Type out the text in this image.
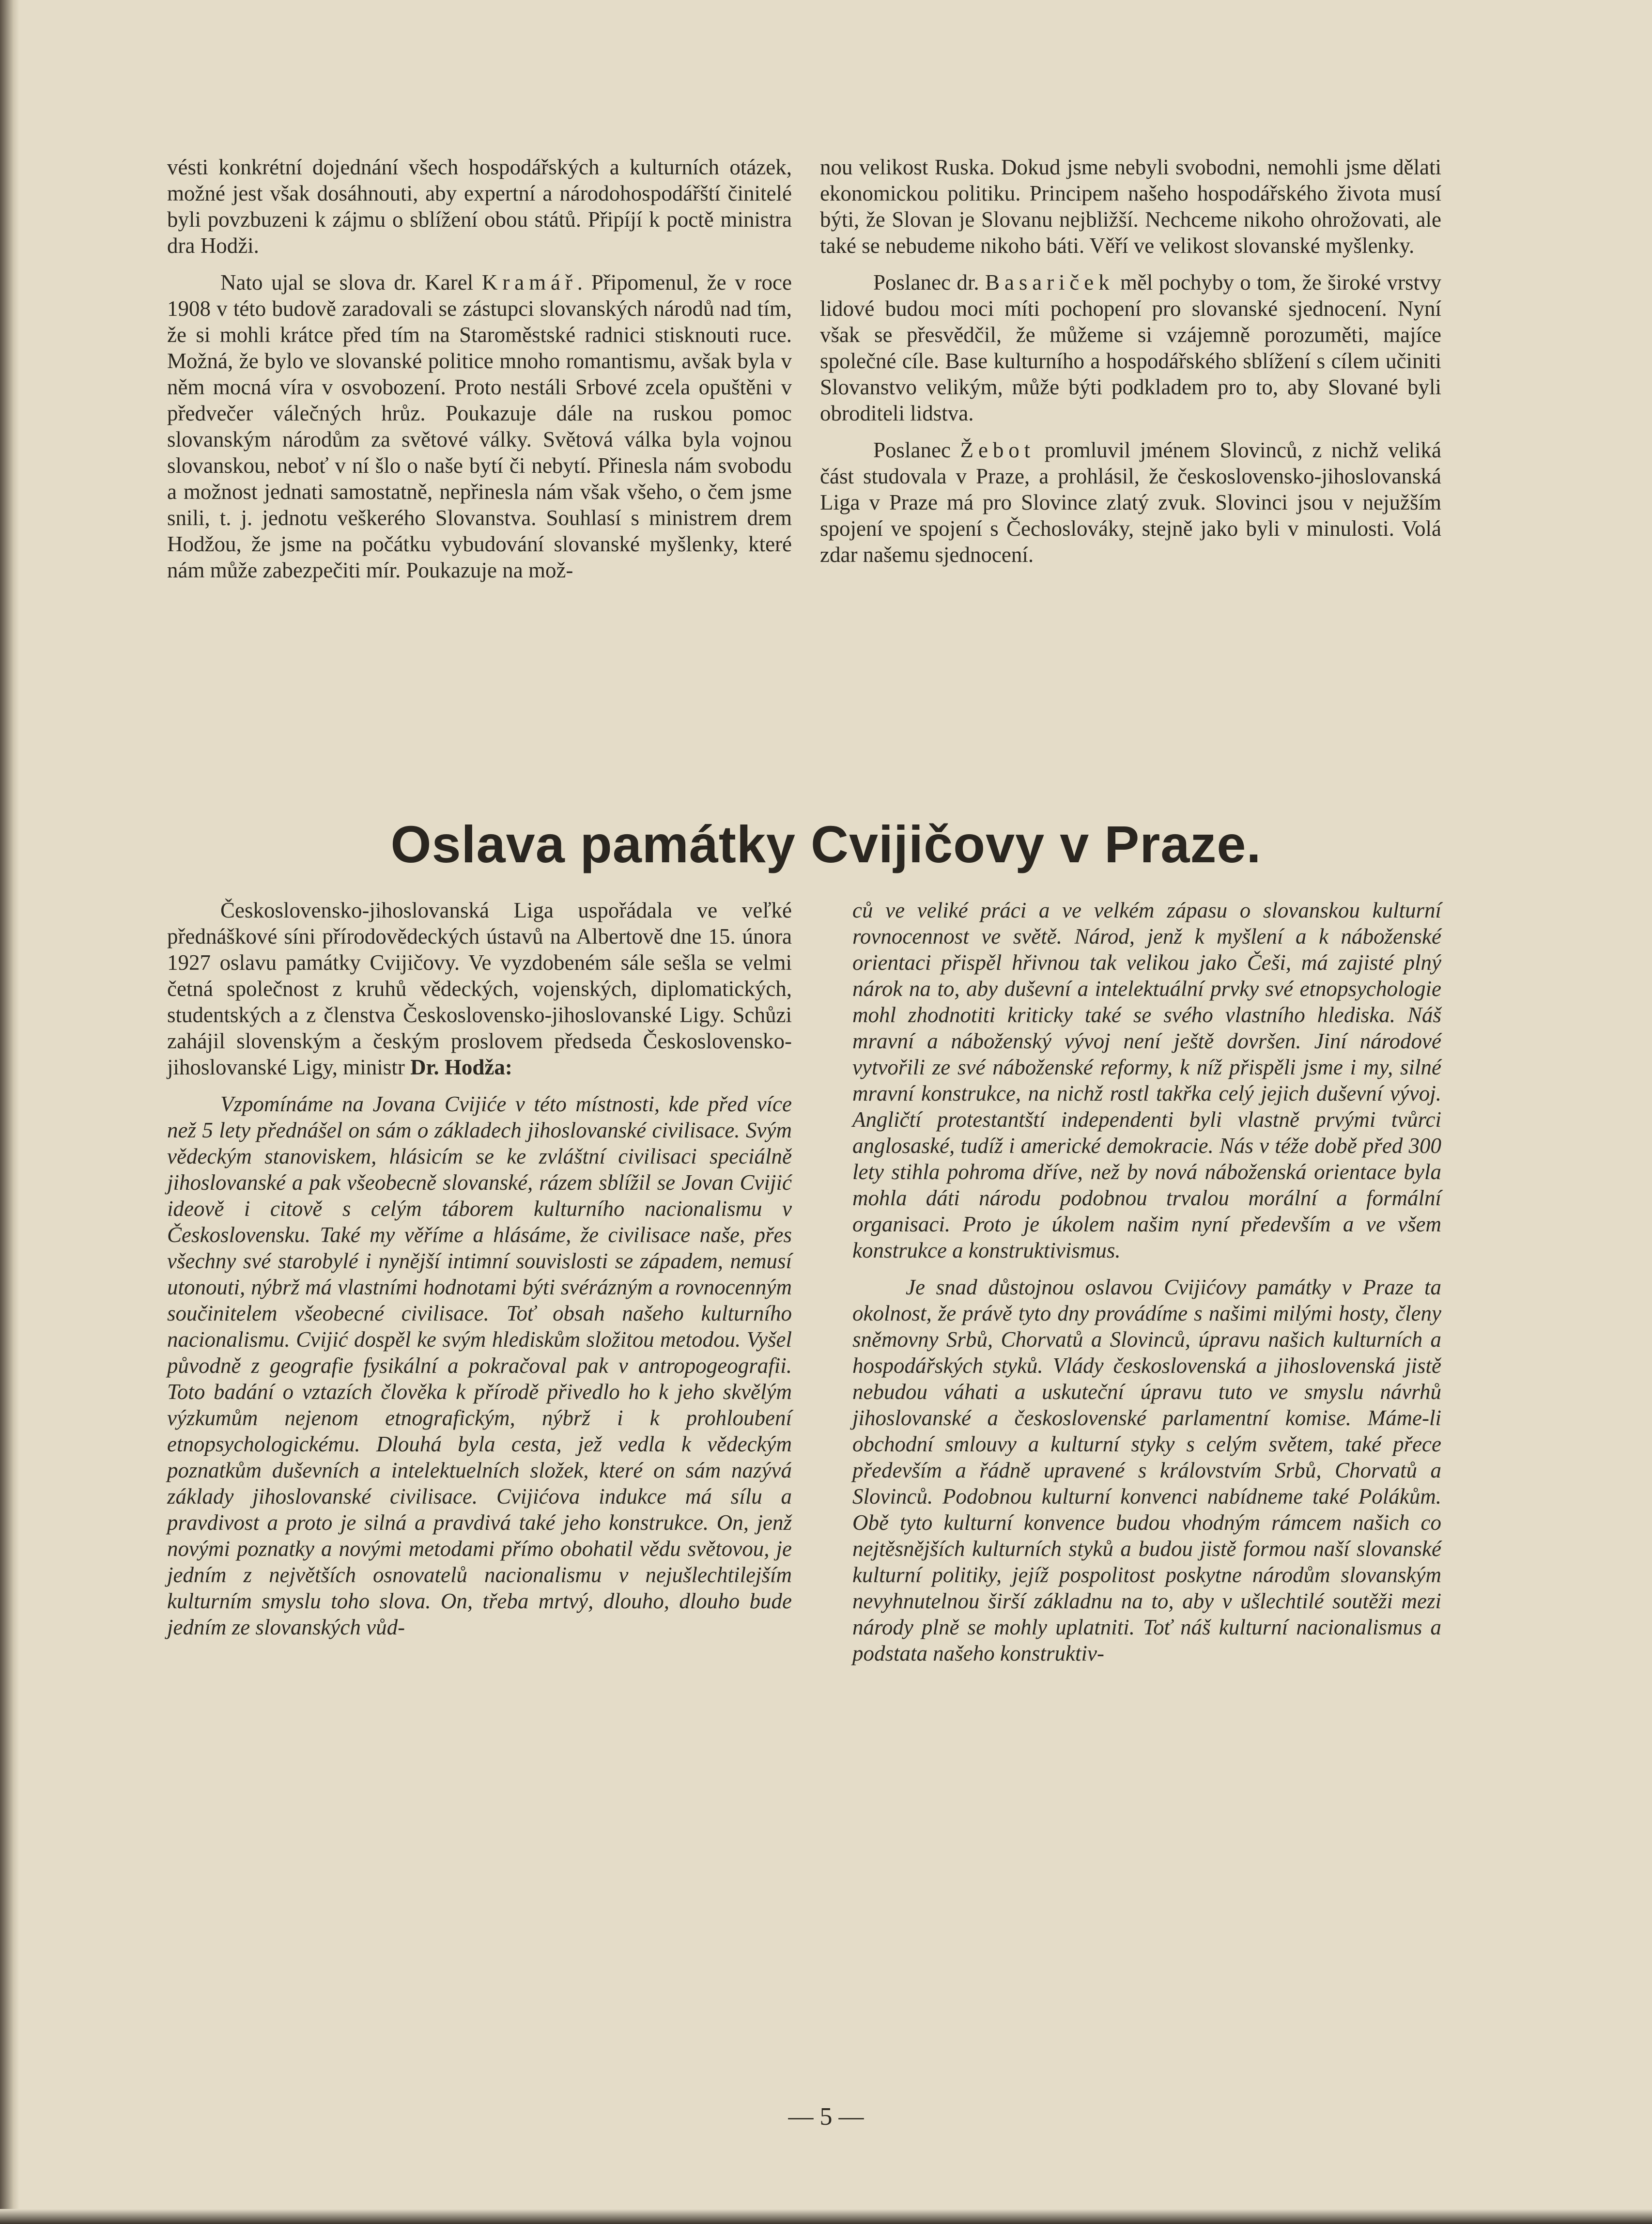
vésti konkrétní dojednání všech hospodářských a kulturních otázek, možné jest však dosáhnouti, aby expertní a národohospodářští činitelé byli povzbuzeni k zájmu o sblížení obou států. Připíjí k poctě ministra dra Hodži.

Nato ujal se slova dr. Karel Kramář. Připomenul, že v roce 1908 v této budově zaradovali se zástupci slovanských národů nad tím, že si mohli krátce před tím na Staroměstské radnici stisknouti ruce. Možná, že bylo ve slovanské politice mnoho romantismu, avšak byla v něm mocná víra v osvobození. Proto nestáli Srbové zcela opuštěni v předvečer válečných hrůz. Poukazuje dále na ruskou pomoc slovanským národům za světové války. Světová válka byla vojnou slovanskou, neboť v ní šlo o naše bytí či nebytí. Přinesla nám svobodu a možnost jednati samostatně, nepřinesla nám však všeho, o čem jsme snili, t. j. jednotu veškerého Slovanstva. Souhlasí s ministrem drem Hodžou, že jsme na počátku vybudování slovanské myšlenky, které nám může zabezpečiti mír. Poukazuje na mož-

nou velikost Ruska. Dokud jsme nebyli svobodni, nemohli jsme dělati ekonomickou politiku. Principem našeho hospodářského života musí býti, že Slovan je Slovanu nejbližší. Nechceme nikoho ohrožovati, ale také se nebudeme nikoho báti. Věří ve velikost slovanské myšlenky.

Poslanec dr. Basariček měl pochyby o tom, že široké vrstvy lidové budou moci míti pochopení pro slovanské sjednocení. Nyní však se přesvědčil, že můžeme si vzájemně porozuměti, majíce společné cíle. Base kulturního a hospodářského sblížení s cílem učiniti Slovanstvo velikým, může býti podkladem pro to, aby Slované byli obroditeli lidstva.

Poslanec Žebot promluvil jménem Slovinců, z nichž veliká část studovala v Praze, a prohlásil, že československo-jihoslovanská Liga v Praze má pro Slovince zlatý zvuk. Slovinci jsou v nejužším spojení ve spojení s Čechoslováky, stejně jako byli v minulosti. Volá zdar našemu sjednocení.

Oslava památky Cvijičovy v Praze.

Československo-jihoslovanská Liga uspořádala ve veľké přednáškové síni přírodovědeckých ústavů na Albertově dne 15. února 1927 oslavu památky Cvijičovy. Ve vyzdobeném sále sešla se velmi četná společnost z kruhů vědeckých, vojenských, diplomatických, studentských a z členstva Československo-jihoslovanské Ligy. Schůzi zahájil slovenským a českým proslovem předseda Československo-jihoslovanské Ligy, ministr Dr. Hodža:

Vzpomínáme na Jovana Cvijiće v této místnosti, kde před více než 5 lety přednášel on sám o základech jihoslovanské civilisace. Svým vědeckým stanoviskem, hlásicím se ke zvláštní civilisaci speciálně jihoslovanské a pak všeobecně slovanské, rázem sblížil se Jovan Cvijić ideově i citově s celým táborem kulturního nacionalismu v Československu. Také my věříme a hlásáme, že civilisace naše, přes všechny své starobylé i nynější intimní souvislosti se západem, nemusí utonouti, nýbrž má vlastními hodnotami býti svérázným a rovnocenným součinitelem všeobecné civilisace. Toť obsah našeho kulturního nacionalismu. Cvijić dospěl ke svým hlediskům složitou metodou. Vyšel původně z geografie fysikální a pokračoval pak v antropogeografii. Toto badání o vztazích člověka k přírodě přivedlo ho k jeho skvělým výzkumům nejenom etnografickým, nýbrž i k prohloubení etnopsychologickému. Dlouhá byla cesta, jež vedla k vědeckým poznatkům duševních a intelektuelních složek, které on sám nazývá základy jihoslovanské civilisace. Cvijićova indukce má sílu a pravdivost a proto je silná a pravdivá také jeho konstrukce. On, jenž novými poznatky a novými metodami přímo obohatil vědu světovou, je jedním z největších osnovatelů nacionalismu v nejušlechtilejším kulturním smyslu toho slova. On, třeba mrtvý, dlouho, dlouho bude jedním ze slovanských vůd-

ců ve veliké práci a ve velkém zápasu o slovanskou kulturní rovnocennost ve světě. Národ, jenž k myšlení a k náboženské orientaci přispěl hřivnou tak velikou jako Češi, má zajisté plný nárok na to, aby duševní a intelektuální prvky své etnopsychologie mohl zhodnotiti kriticky také se svého vlastního hlediska. Náš mravní a náboženský vývoj není ještě dovršen. Jiní národové vytvořili ze své náboženské reformy, k níž přispěli jsme i my, silné mravní konstrukce, na nichž rostl takřka celý jejich duševní vývoj. Angličtí protestantští independenti byli vlastně prvými tvůrci anglosaské, tudíž i americké demokracie. Nás v téže době před 300 lety stihla pohroma dříve, než by nová náboženská orientace byla mohla dáti národu podobnou trvalou morální a formální organisaci. Proto je úkolem našim nyní především a ve všem konstrukce a konstruktivismus.

Je snad důstojnou oslavou Cvijićovy památky v Praze ta okolnost, že právě tyto dny provádíme s našimi milými hosty, členy sněmovny Srbů, Chorvatů a Slovinců, úpravu našich kulturních a hospodářských styků. Vlády československá a jihoslovenská jistě nebudou váhati a uskuteční úpravu tuto ve smyslu návrhů jihoslovanské a československé parlamentní komise. Máme-li obchodní smlouvy a kulturní styky s celým světem, také přece především a řádně upravené s královstvím Srbů, Chorvatů a Slovinců. Podobnou kulturní konvenci nabídneme také Polákům. Obě tyto kulturní konvence budou vhodným rámcem našich co nejtěsnějších kulturních styků a budou jistě formou naší slovanské kulturní politiky, jejíž pospolitost poskytne národům slovanským nevyhnutelnou širší základnu na to, aby v ušlechtilé soutěži mezi národy plně se mohly uplatniti. Toť náš kulturní nacionalismus a podstata našeho konstruktiv-

— 5 —
